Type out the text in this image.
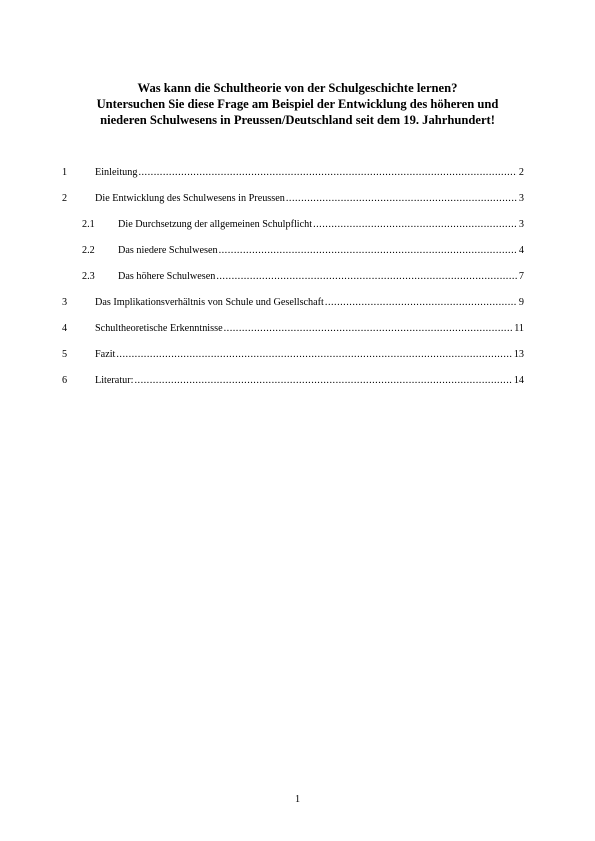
Was kann die Schultheorie von der Schulgeschichte lernen?
Untersuchen Sie diese Frage am Beispiel der Entwicklung des höheren und
niederen Schulwesens in Preussen/Deutschland seit dem 19. Jahrhundert!
1	Einleitung .....	2
2	Die Entwicklung des Schulwesens in Preussen .....	3
2.1 Die Durchsetzung der allgemeinen Schulpflicht .....	3
2.2 Das niedere Schulwesen .....	4
2.3 Das höhere Schulwesen .....	7
3	Das Implikationsverhältnis von Schule und Gesellschaft .....	9
4	Schultheoretische Erkenntnisse .....	11
5	Fazit .....	13
6	Literatur: .....	14
1
